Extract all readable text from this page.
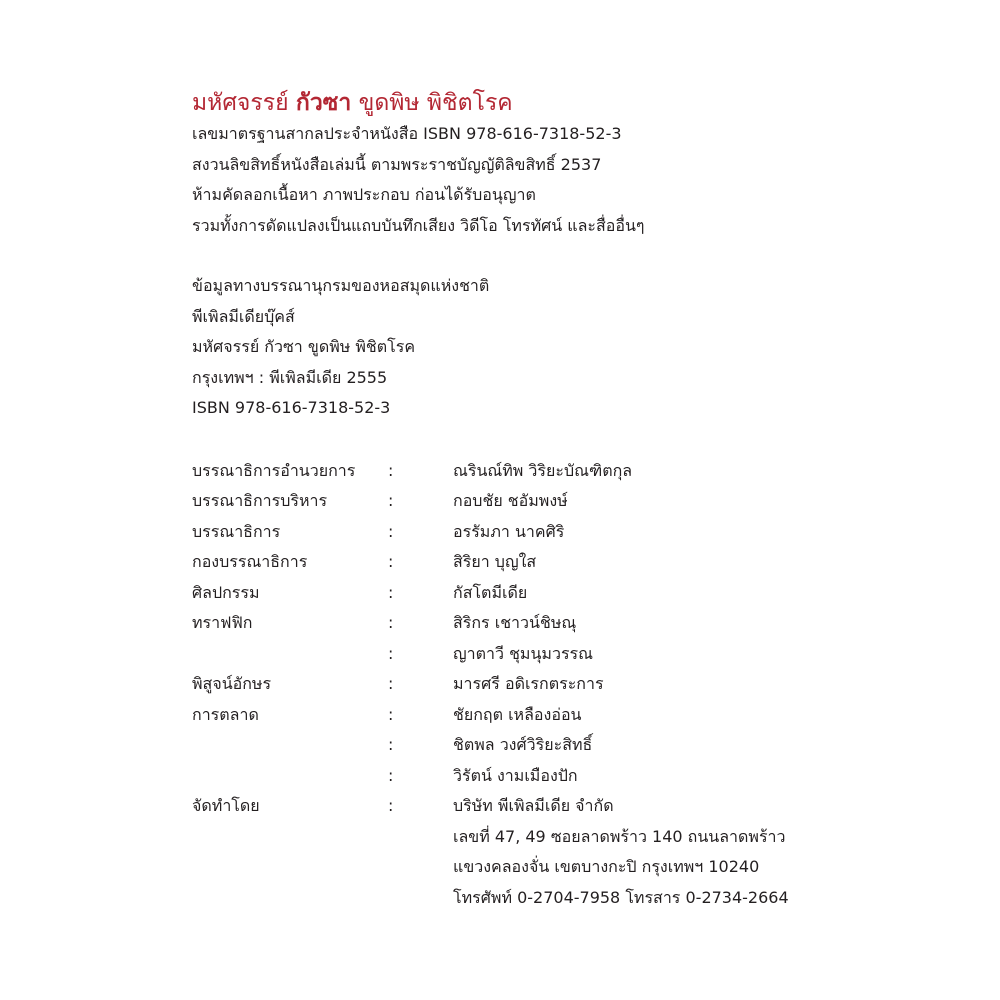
มหัศจรรย์ กัวซา ขูดพิษ พิชิตโรค
เลขมาตรฐานสากลประจำหนังสือ ISBN 978-616-7318-52-3
สงวนลิขสิทธิ์หนังสือเล่มนี้ ตามพระราชบัญญัติลิขสิทธิ์ 2537
ห้ามคัดลอกเนื้อหา ภาพประกอบ ก่อนได้รับอนุญาต
รวมทั้งการดัดแปลงเป็นแถบบันทึกเสียง วิดีโอ โทรทัศน์ และสื่ออื่นๆ
ข้อมูลทางบรรณานุกรมของหอสมุดแห่งชาติ
พีเพิลมีเดียบุ๊คส์
มหัศจรรย์ กัวซา ขูดพิษ พิชิตโรค
กรุงเทพฯ : พีเพิลมีเดีย 2555
ISBN 978-616-7318-52-3
บรรณาธิการอำนวยการ :	ณรินณ์ทิพ วิริยะบัณฑิตกุล
บรรณาธิการบริหาร	:	กอบชัย ชอัมพงษ์
บรรณาธิการ	:	อรรัมภา นาคศิริ
กองบรรณาธิการ	:	สิริยา บุญใส
ศิลปกรรม	:	กัสโตมีเดีย
ทราฟฟิก	:	สิริกร เชาวน์ชิษณุ
:	ญาตาวี ชุมนุมวรรณ
พิสูจน์อักษร	:	มารศรี อดิเรกตระการ
การตลาด	:	ชัยกฤต เหลืองอ่อน
:	ชิตพล วงศ์วิริยะสิทธิ์
:	วิรัตน์ งามเมืองปัก
จัดทำโดย	:	บริษัท พีเพิลมีเดีย จำกัด
เลขที่ 47, 49 ซอยลาดพร้าว 140 ถนนลาดพร้าว
แขวงคลองจั่น เขตบางกะปิ กรุงเทพฯ 10240
โทรศัพท์ 0-2704-7958 โทรสาร 0-2734-2664
